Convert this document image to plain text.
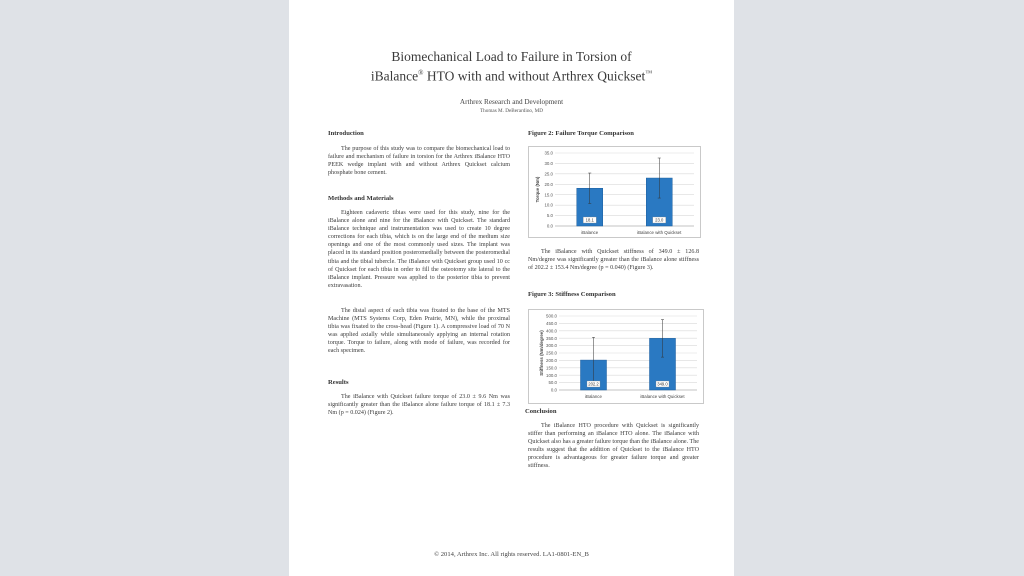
Biomechanical Load to Failure in Torsion of
iBalance® HTO with and without Arthrex Quickset™
Arthrex Research and Development
Thomas M. DeBerardino, MD
Introduction

The purpose of this study was to compare the biomechanical load to failure and mechanism of failure in torsion for the Arthrex iBalance HTO PEEK wedge implant with and without Arthrex Quickset calcium phosphate bone cement.

Methods and Materials

Eighteen cadaveric tibias were used for this study, nine for the iBalance alone and nine for the iBalance with Quickset. The standard iBalance technique and instrumentation was used to create 10 degree corrections for each tibia, which is on the large end of the medium size openings and one of the most commonly used sizes. The implant was placed in its standard position posteromedially between the posteromedial tibia and the tibial tubercle. The iBalance with Quickset group used 10 cc of Quickset for each tibia in order to fill the osteotomy site lateral to the iBalance implant. Pressure was applied to the posterior tibia to prevent extravasation.

The distal aspect of each tibia was fixated to the base of the MTS Machine (MTS Systems Corp, Eden Prairie, MN), while the proximal tibia was fixated to the cross-head (Figure 1). A compressive load of 70 N was applied axially while simultaneously applying an internal rotation torque. Torque to failure, along with mode of failure, was recorded for each specimen.

Results

The iBalance with Quickset failure torque of 23.0 ± 9.6 Nm was significantly greater than the iBalance alone failure torque of 18.1 ± 7.3 Nm (p = 0.024) (Figure 2).

Figure 2: Failure Torque Comparison
0.0
5.0
10.0
15.0
20.0
25.0
30.0
35.0
Torque (Nm)
18.1
iBalance
23.0
iBalance with Quickset

The iBalance with Quickset stiffness of 349.0 ± 126.8 Nm/degree was significantly greater than the iBalance alone stiffness of 202.2 ± 153.4 Nm/degree (p = 0.040) (Figure 3).

Figure 3: Stiffness Comparison
0.0
50.0
100.0
150.0
200.0
250.0
300.0
350.0
400.0
450.0
500.0
Stiffness (Nm/degree)
202.2
iBalance
349.0
iBalance with Quickset
Conclusion

The iBalance HTO procedure with Quickset is significantly stiffer than performing an iBalance HTO alone. The iBalance with Quickset also has a greater failure torque than the iBalance alone. The results suggest that the addition of Quickset to the iBalance HTO procedure is advantageous for greater failure torque and greater stiffness.

© 2014, Arthrex Inc. All rights reserved. LA1-0801-EN_B
